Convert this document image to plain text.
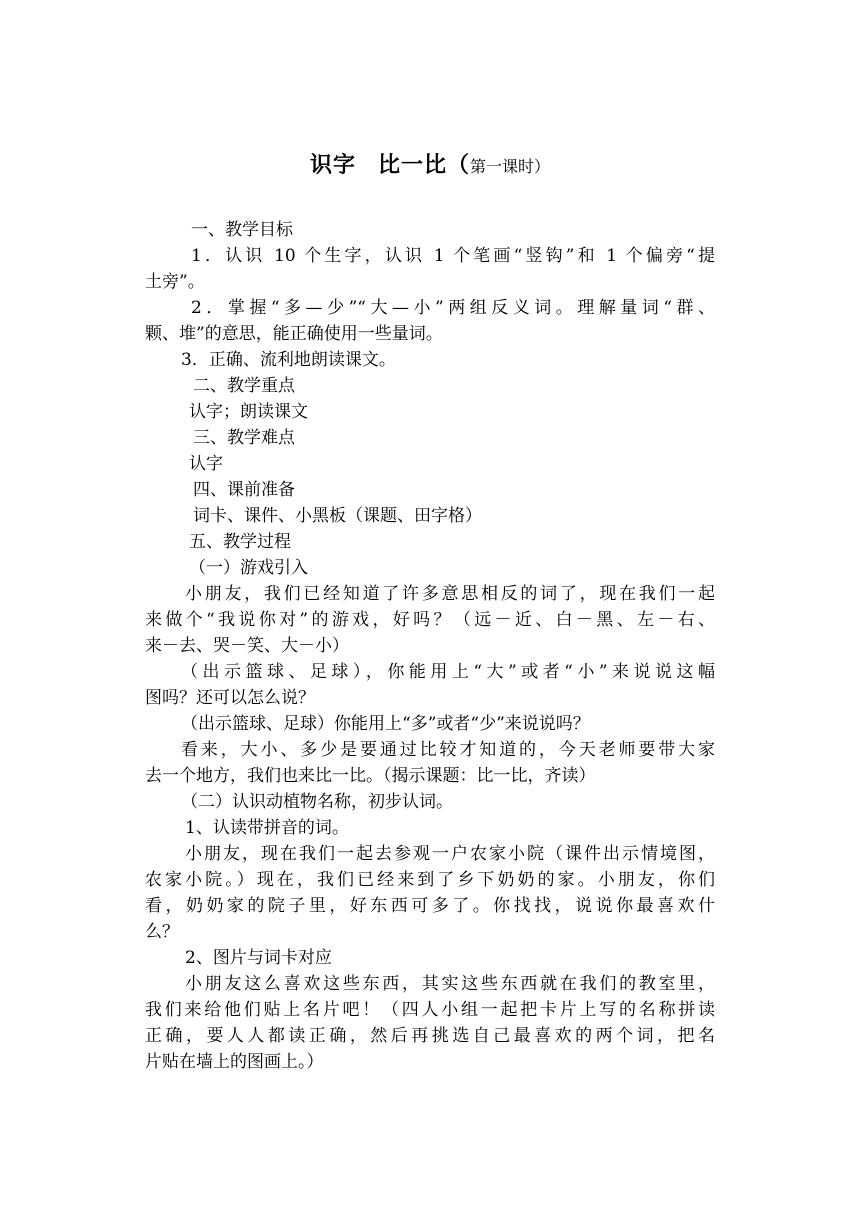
识字 比一比（第一课时）
一、教学目标
1．认识 10 个生字，认识 1 个笔画“竖钩”和 1 个偏旁“提
土旁”。
2．掌握“多—少”“大—小”两组反义词。理解量词“群、
颗、堆”的意思，能正确使用一些量词。
3．正确、流利地朗读课文。
二、教学重点
认字；朗读课文
三、教学难点
认字
四、课前准备
词卡、课件、小黑板（课题、田字格）
五、教学过程
（一）游戏引入
小朋友，我们已经知道了许多意思相反的词了，现在我们一起
来做个“我说你对”的游戏，好吗？（远－近、白－黑、左－右、
来－去、哭－笑、大－小）
（出示篮球、足球），你能用上“大”或者“小”来说说这幅
图吗？还可以怎么说？
（出示篮球、足球）你能用上“多”或者“少”来说说吗？
看来，大小、多少是要通过比较才知道的，今天老师要带大家
去一个地方，我们也来比一比。（揭示课题：比一比，齐读）
（二）认识动植物名称，初步认词。
1、认读带拼音的词。
小朋友，现在我们一起去参观一户农家小院（课件出示情境图，
农家小院。）现在，我们已经来到了乡下奶奶的家。小朋友，你们
看，奶奶家的院子里，好东西可多了。你找找，说说你最喜欢什
么？
2、图片与词卡对应
小朋友这么喜欢这些东西，其实这些东西就在我们的教室里，
我们来给他们贴上名片吧！（四人小组一起把卡片上写的名称拼读
正确，要人人都读正确，然后再挑选自己最喜欢的两个词，把名
片贴在墙上的图画上。）
